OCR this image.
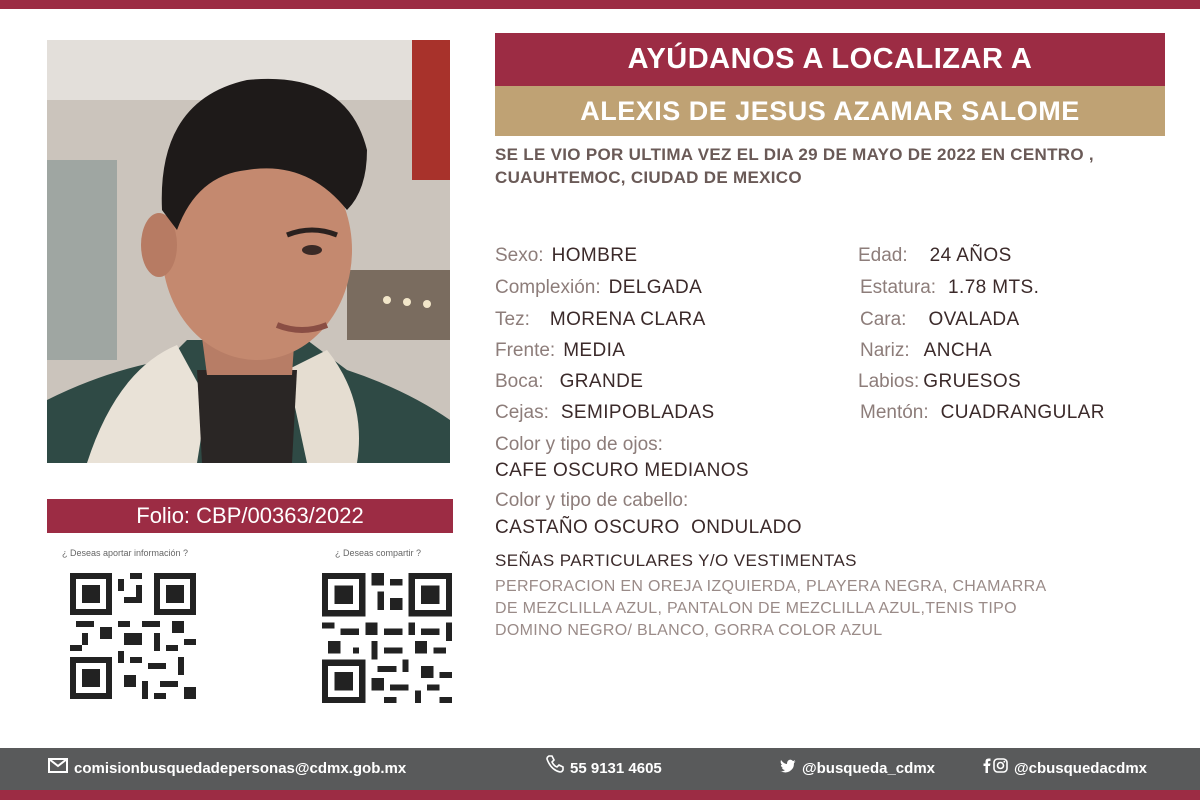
Folio: CBP/00363/2022
¿ Deseas aportar información ?	¿ Deseas compartir ?
AYÚDANOS A LOCALIZAR A
ALEXIS DE JESUS AZAMAR SALOME
SE LE VIO POR ULTIMA VEZ EL DIA 29 DE MAYO DE 2022 EN CENTRO , CUAUHTEMOC, CIUDAD DE MEXICO
Sexo: HOMBRE
Complexión: DELGADA
Tez: MORENA CLARA
Frente: MEDIA
Boca: GRANDE
Cejas: SEMIPOBLADAS
Edad: 24 AÑOS
Estatura: 1.78 MTS.
Cara: OVALADA
Nariz: ANCHA
Labios: GRUESOS
Mentón: CUADRANGULAR
Color y tipo de ojos:
CAFE OSCURO MEDIANOS
Color y tipo de cabello:
CASTAÑO OSCURO  ONDULADO
SEÑAS PARTICULARES Y/O VESTIMENTAS
PERFORACION EN OREJA IZQUIERDA, PLAYERA NEGRA, CHAMARRA DE MEZCLILLA AZUL, PANTALON DE MEZCLILLA AZUL,TENIS TIPO DOMINO NEGRO/ BLANCO, GORRA COLOR AZUL
comisionbusquedadepersonas@cdmx.gob.mx	55 9131 4605	@busqueda_cdmx	@cbusquedacdmx
